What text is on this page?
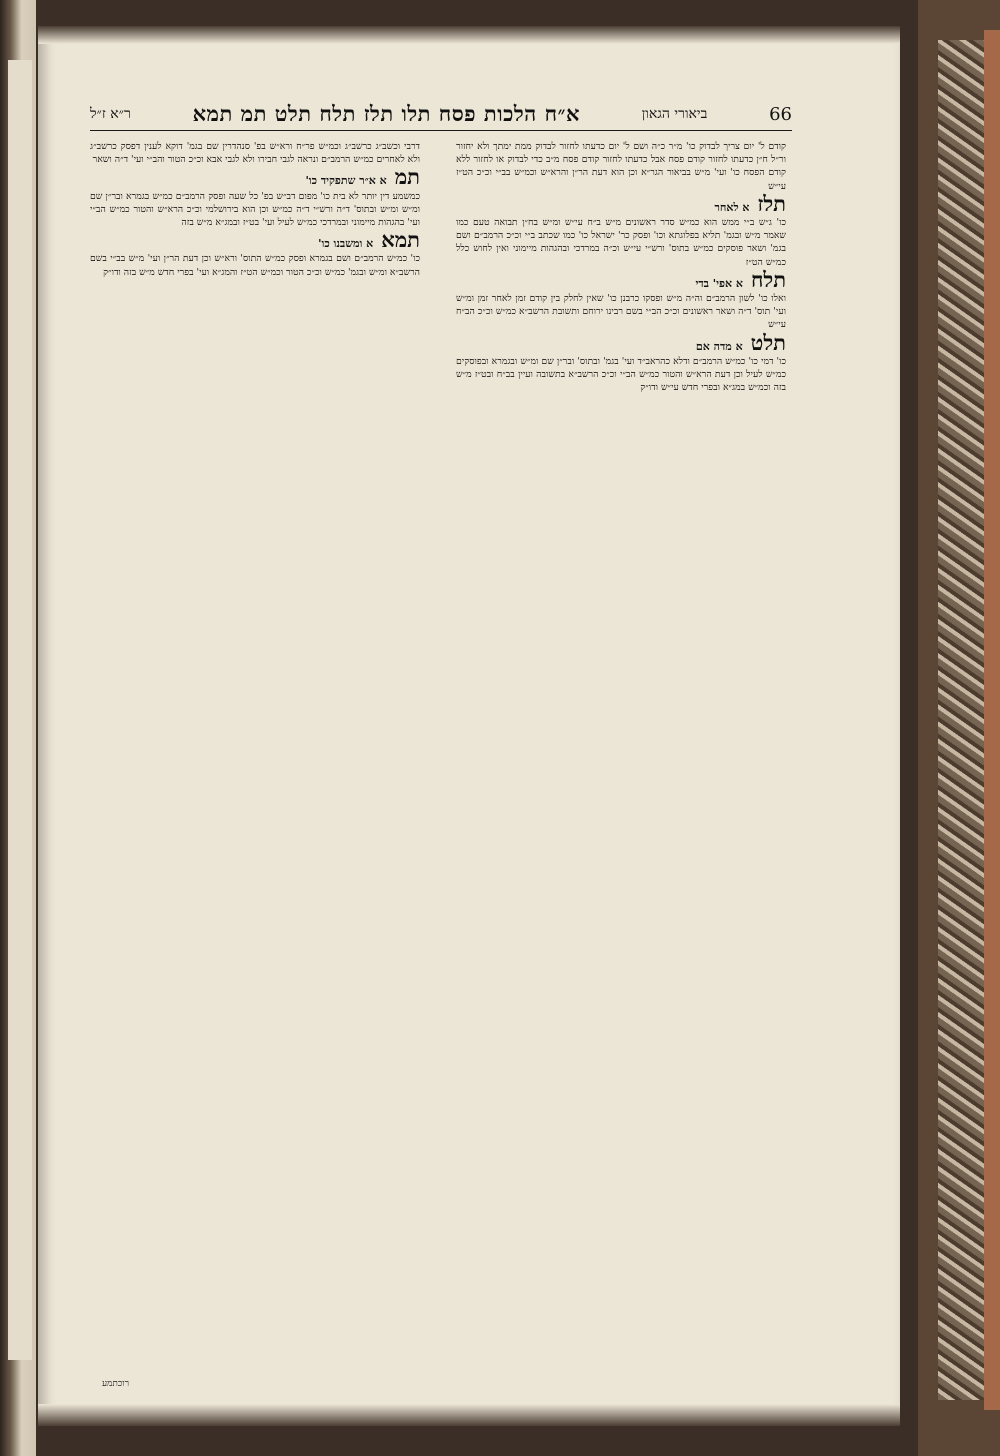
66
ביאורי הגאון
א״ח הלכות פסח תלו תלז תלח תלט תמ תמא
ר״א ז״ל

קודם ל' יום צריך לבדוק כו' מ״ר כ״ה ושם ל' יום כדעתו לחזור לבדוק ממת ימתך ולא יחזור ור״ל ח״ן כדעתו לחזור קודם פסח אבל כדעתו לחזור קודם פסח מ״ב כדי לבדוק או לחזור ללא קודם הפסח כו' ועי' מ״ש בביאור הגר״א וכן הוא דעת הר״ן והרא״ש וכמ״ש בב״י וכ״כ הט״ז עי״ש

תלז
א לאחר

כו' ג״ש ב״י ממש הוא כמ״ש סדר ראשונים מ״ש ב״ח עי״ש ומ״ש בח״ן תבואה טעם כמו שאמר מ״ש ובגמ' תליא בפלוגתא וכו' ופסק כר' ישראל כו' כמו שכתב ב״י וכ״כ הרמב״ם ושם בגמ' ושאר פוסקים כמ״ש בתוס' ורש״י עי״ש וכ״ה במרדכי ובהגהות מיימוני ואין לחוש כלל כמ״ש הט״ז

תלח
א אפי' בדי

ואלו כו' לשון הרמב״ם וה״ה מ״ש ופסקו כרבנן כו' שאין לחלק בין קודם זמן לאחר זמן ומ״ש ועי' תוס' ד״ה ושאר ראשונים וכ״כ הב״י בשם רבינו ירוחם ותשובת הרשב״א כמ״ש וכ״כ הב״ח עי״ש

תלט
א מדה אם

כו' דמי כו' כמ״ש הרמב״ם ודלא כהראב״ד ועי' בגמ' ובתוס' ובר״ן שם ומ״ש ובגמרא ובפוסקים כמ״ש לעיל וכן דעת הרא״ש והטור כמ״ש הב״י וכ״כ הרשב״א בתשובה ועיין בב״ח ובט״ז מ״ש בזה וכמ״ש במג״א ובפרי חדש עי״ש ודו״ק

דרבי וכשב״ג כרשב״ג וכמ״ש פר״ח ורא״ש בפ' סנהדרין שם בגמ' דוקא לענין דפסק כרשב״ג ולא לאחרים כמ״ש הרמב״ם ונראה לגבי חבירו ולא לגבי אבא וכ״כ הטור והב״י ועי' ד״ה ושאר

תמ
א א״ר שתפקיד כו'

כמשמע דין יותר לא בית כו' מפום דב״ש בפ' כל שעה ופסק הרמב״ם כמ״ש בגמרא ובר״ן שם ומ״ש ומ״ש ובתוס' ד״ה ורש״י ד״ה כמ״ש וכן הוא בירושלמי וכ״כ הרא״ש והטור כמ״ש הב״י ועי' בהגהות מיימוני ובמרדכי כמ״ש לעיל ועי' בט״ז ובמג״א מ״ש בזה

תמא
א ומשבנו כו'

כו' כמ״ש הרמב״ם ושם בגמרא ופסק כמ״ש התוס' ורא״ש וכן דעת הר״ן ועי' מ״ש בב״י בשם הרשב״א ומ״ש ובגמ' כמ״ש וכ״כ הטור וכמ״ש הט״ז והמג״א ועי' בפרי חדש מ״ש בזה ודו״ק

רוכתמע
